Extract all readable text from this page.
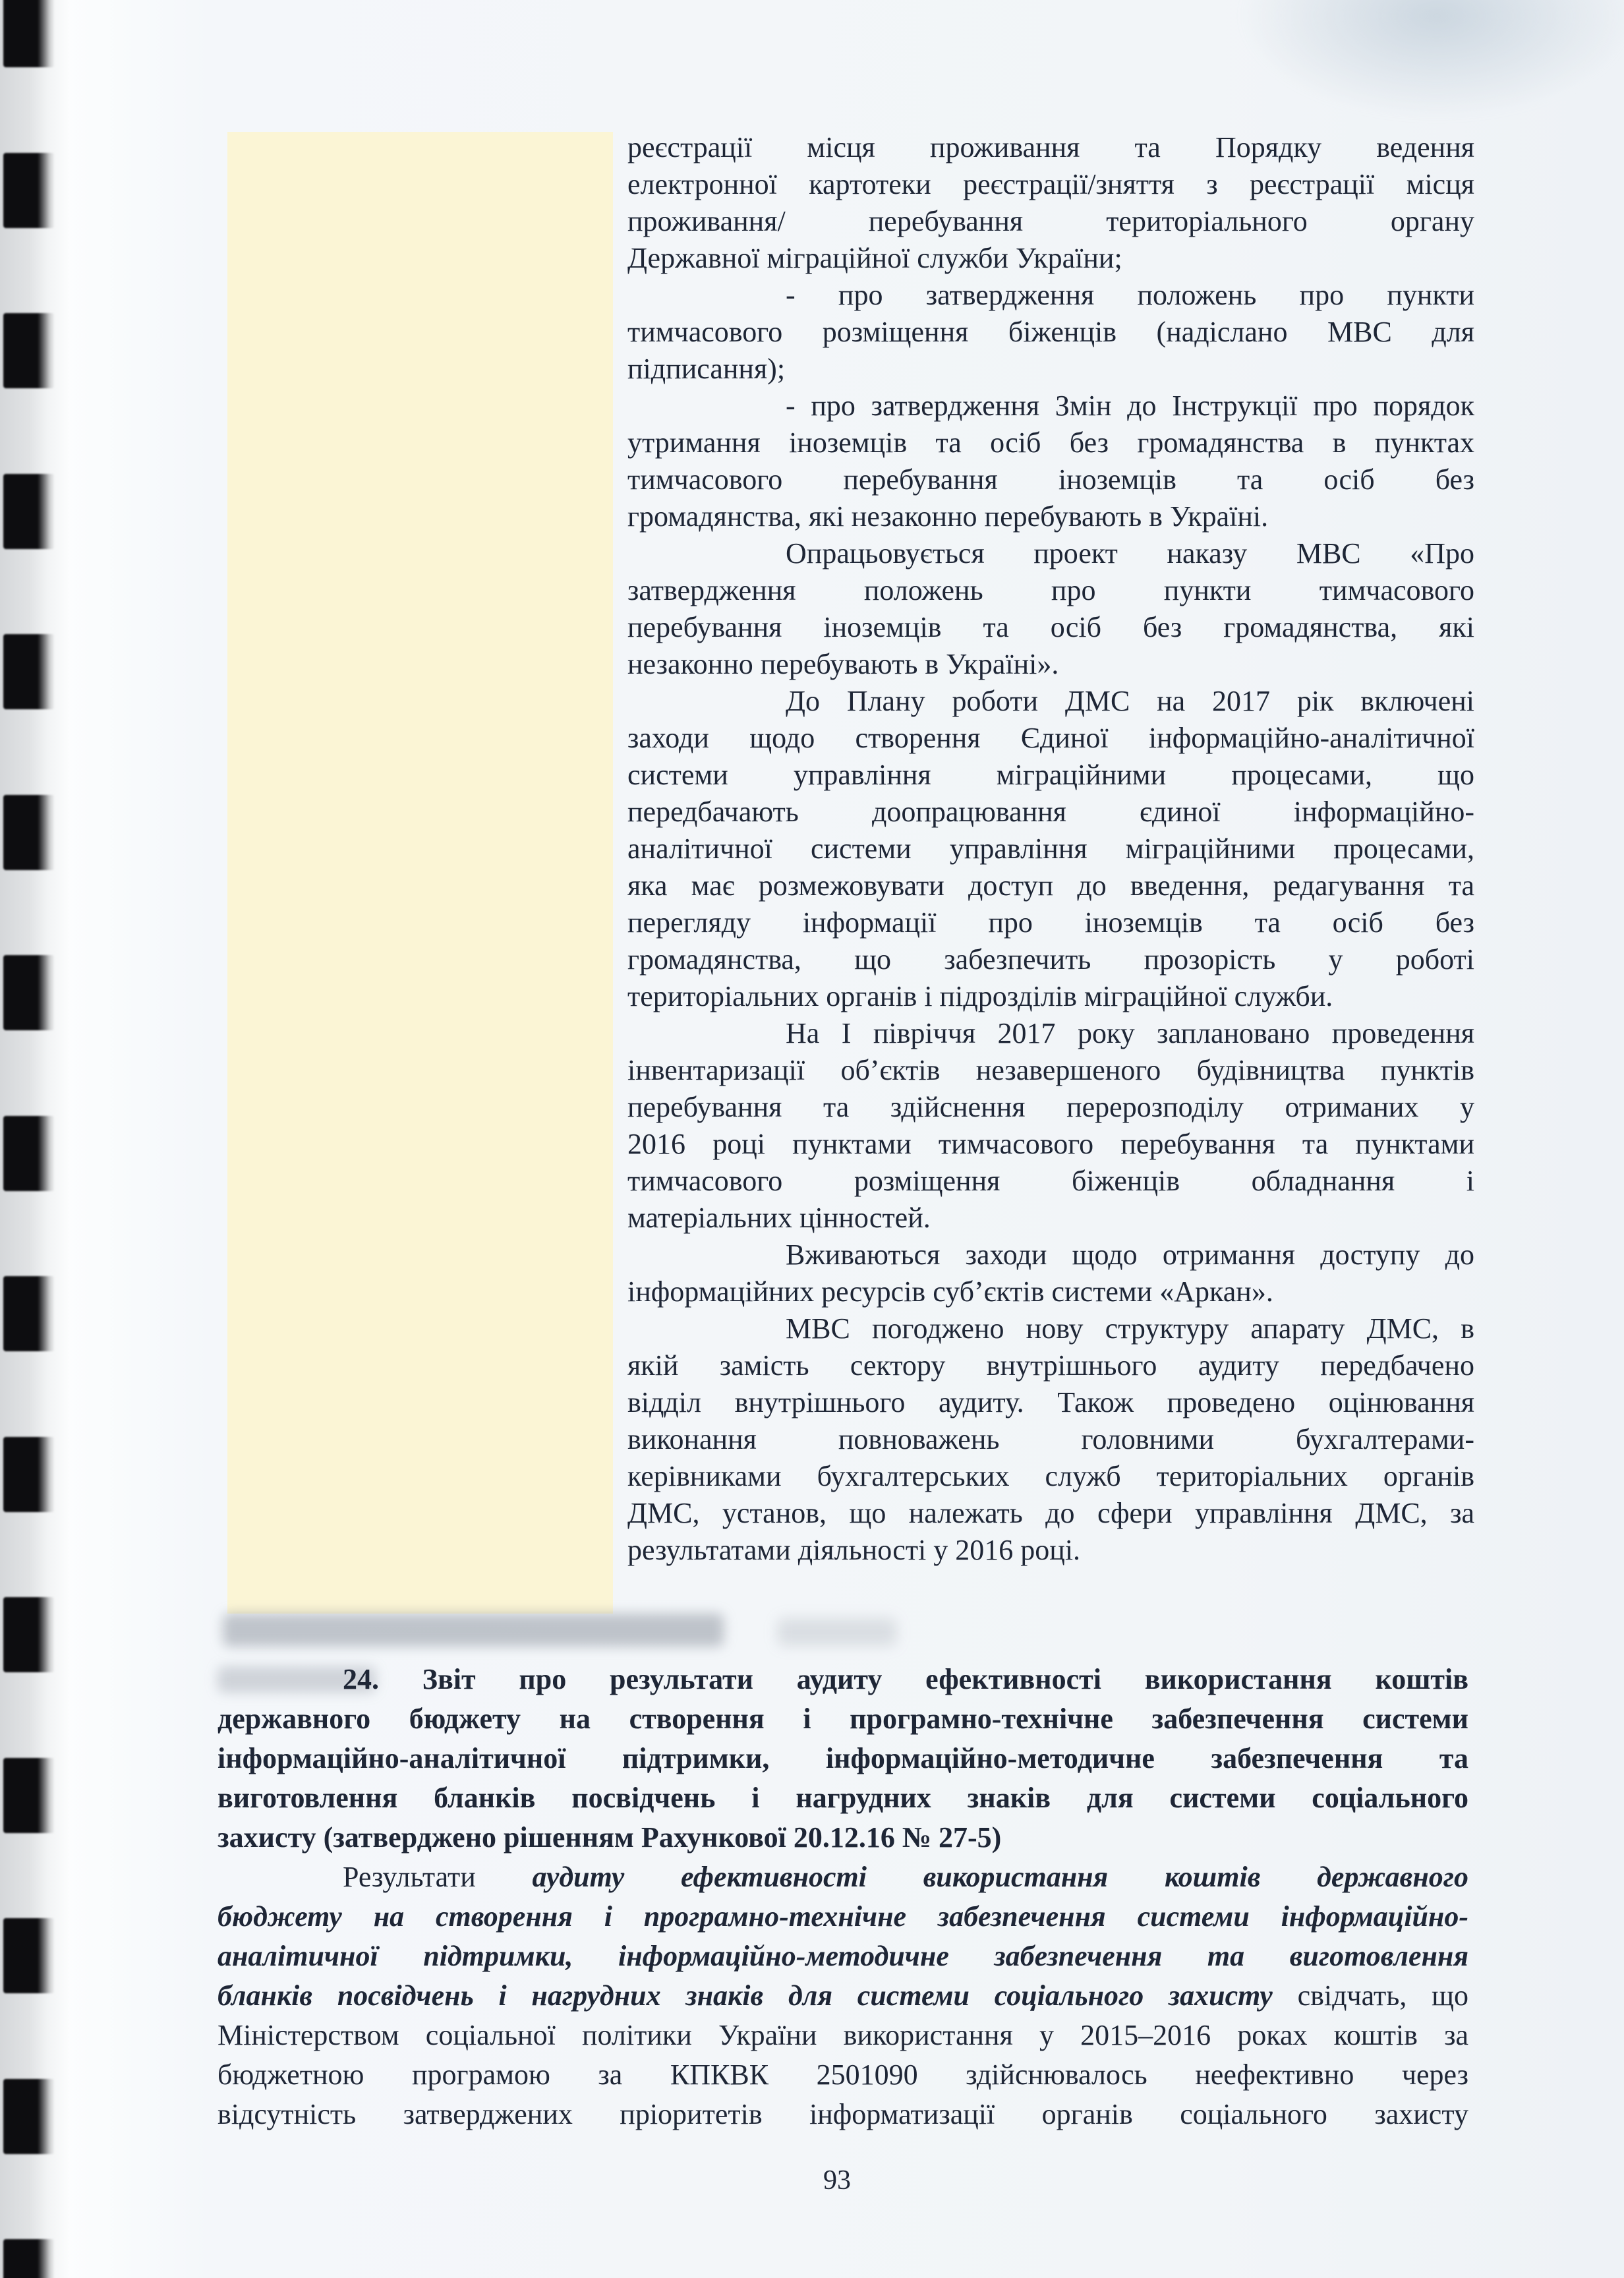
реєстрації місця проживання та Порядку ведення
електронної картотеки реєстрації/зняття з реєстрації місця
проживання/ перебування територіального органу
Державної міграційної служби України;
- про затвердження положень про пункти
тимчасового розміщення біженців (надіслано МВС для
підписання);
- про затвердження Змін до Інструкції про порядок
утримання іноземців та осіб без громадянства в пунктах
тимчасового перебування іноземців та осіб без
громадянства, які незаконно перебувають в Україні.
Опрацьовується проект наказу МВС «Про
затвердження положень про пункти тимчасового
перебування іноземців та осіб без громадянства, які
незаконно перебувають в Україні».
До Плану роботи ДМС на 2017 рік включені
заходи щодо створення Єдиної інформаційно-аналітичної
системи управління міграційними процесами, що
передбачають доопрацювання єдиної інформаційно-
аналітичної системи управління міграційними процесами,
яка має розмежовувати доступ до введення, редагування та
перегляду інформації про іноземців та осіб без
громадянства, що забезпечить прозорість у роботі
територіальних органів і підрозділів міграційної служби.
На І півріччя 2017 року заплановано проведення
інвентаризації об’єктів незавершеного будівництва пунктів
перебування та здійснення перерозподілу отриманих у
2016 році пунктами тимчасового перебування та пунктами
тимчасового розміщення біженців обладнання і
матеріальних цінностей.
Вживаються заходи щодо отримання доступу до
інформаційних ресурсів суб’єктів системи «Аркан».
МВС погоджено нову структуру апарату ДМС, в
якій замість сектору внутрішнього аудиту передбачено
відділ внутрішнього аудиту. Також проведено оцінювання
виконання повноважень головними бухгалтерами-
керівниками бухгалтерських служб територіальних органів
ДМС, установ, що належать до сфери управління ДМС, за
результатами діяльності у 2016 році.
24. Звіт про результати аудиту ефективності використання коштів
державного бюджету на створення і програмно-технічне забезпечення системи
інформаційно-аналітичної підтримки, інформаційно-методичне забезпечення та
виготовлення бланків посвідчень і нагрудних знаків для системи соціального
захисту (затверджено рішенням Рахункової 20.12.16 № 27-5)
Результати аудиту ефективності використання коштів державного
бюджету на створення і програмно-технічне забезпечення системи інформаційно-
аналітичної підтримки, інформаційно-методичне забезпечення та виготовлення
бланків посвідчень і нагрудних знаків для системи соціального захисту свідчать, що
Міністерством соціальної політики України використання у 2015–2016 роках коштів за
бюджетною програмою за КПКВК 2501090 здійснювалось неефективно через
відсутність затверджених пріоритетів інформатизації органів соціального захисту
93
